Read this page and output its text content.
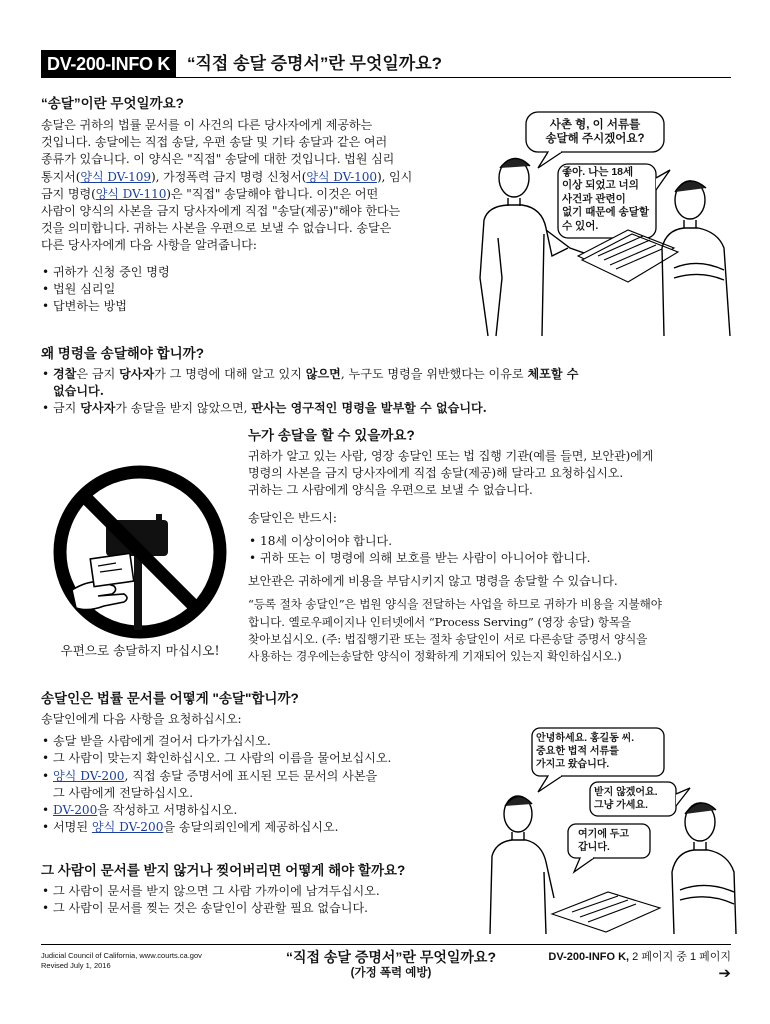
DV-200-INFO K “직접 송달 증명서”란 무엇일까요?
“송달”이란 무엇일까요?

송달은 귀하의 법률 문서를 이 사건의 다른 당사자에게 제공하는

것입니다. 송달에는 직접 송달, 우편 송달 및 기타 송달과 같은 여러

종류가 있습니다. 이 양식은 "직접" 송달에 대한 것입니다. 법원 심리

통지서(양식 DV-109), 가정폭력 금지 명령 신청서(양식 DV-100), 임시

금지 명령(양식 DV-110)은 "직접" 송달해야 합니다. 이것은 어떤

사람이 양식의 사본을 금지 당사자에게 직접 "송달(제공)"해야 한다는

것을 의미합니다. 귀하는 사본을 우편으로 보낼 수 없습니다. 송달은

다른 당사자에게 다음 사항을 알려줍니다:

• 귀하가 신청 중인 명령
• 법원 심리일
• 답변하는 방법
사촌 형, 이 서류를
송달해 주시겠어요?
좋아. 나는 18세
이상 되었고 너의
사건과 관련이
없기 때문에 송달할
수 있어.
왜 명령을 송달해야 합니까?
• 경찰은 금지 당사자가 그 명령에 대해 알고 있지 않으면, 누구도 명령을 위반했다는 이유로 체포할 수
없습니다.
• 금지 당사자가 송달을 받지 않았으면, 판사는 영구적인 명령을 발부할 수 없습니다.
우편으로 송달하지 마십시오!
누가 송달을 할 수 있을까요?

귀하가 알고 있는 사람, 영장 송달인 또는 법 집행 기관(예를 들면, 보안관)에게

명령의 사본을 금지 당사자에게 직접 송달(제공)해 달라고 요청하십시오.

귀하는 그 사람에게 양식을 우편으로 보낼 수 없습니다.

송달인은 반드시:

• 18세 이상이어야 합니다.
• 귀하 또는 이 명령에 의해 보호를 받는 사람이 아니어야 합니다.

보안관은 귀하에게 비용을 부담시키지 않고 명령을 송달할 수 있습니다.

“등록 절차 송달인”은 법원 양식을 전달하는 사업을 하므로 귀하가 비용을 지불해야

합니다. 옐로우페이지나 인터넷에서 “Process Serving” (영장 송달) 항목을

찾아보십시오. (주: 법집행기관 또는 절차 송달인이 서로 다른송달 증명서 양식을

사용하는 경우에는송달한 양식이 정확하게 기재되어 있는지 확인하십시오.)

송달인은 법률 문서를 어떻게 "송달"합니까?

송달인에게 다음 사항을 요청하십시오:

• 송달 받을 사람에게 걸어서 다가가십시오.
• 그 사람이 맞는지 확인하십시오. 그 사람의 이름을 물어보십시오.
• 양식 DV-200, 직접 송달 증명서에 표시된 모든 문서의 사본을
그 사람에게 전달하십시오.
• DV-200을 작성하고 서명하십시오.
• 서명된 양식 DV-200을 송달의뢰인에게 제공하십시오.
안녕하세요. 홍길동 씨.
중요한 법적 서류를
가지고 왔습니다.
받지 않겠어요.
그냥 가세요.
여기에 두고
갑니다.
그 사람이 문서를 받지 않거나 찢어버리면 어떻게 해야 할까요?
• 그 사람이 문서를 받지 않으면 그 사람 가까이에 남겨두십시오.
• 그 사람이 문서를 찢는 것은 송달인이 상관할 필요 없습니다.
Judicial Council of California, www.courts.ca.gov
Revised July 1, 2016
“직접 송달 증명서”란 무엇일까요?
(가정 폭력 예방)
DV-200-INFO K, 2 페이지 중 1 페이지
➔
